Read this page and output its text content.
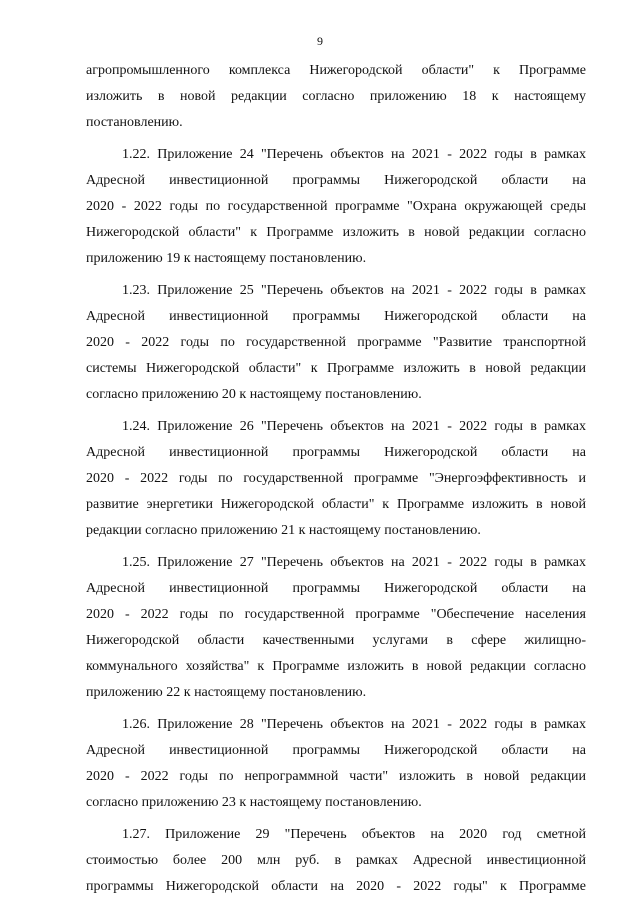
9

агропромышленного комплекса Нижегородской области" к Программе
изложить в новой редакции согласно приложению 18 к настоящему
постановлению.

1.22. Приложение 24 "Перечень объектов на 2021 - 2022 годы в рамках
Адресной инвестиционной программы Нижегородской области на
2020 - 2022 годы по государственной программе "Охрана окружающей среды
Нижегородской области" к Программе изложить в новой редакции согласно
приложению 19 к настоящему постановлению.

1.23. Приложение 25 "Перечень объектов на 2021 - 2022 годы в рамках
Адресной инвестиционной программы Нижегородской области на
2020 - 2022 годы по государственной программе "Развитие транспортной
системы Нижегородской области" к Программе изложить в новой редакции
согласно приложению 20 к настоящему постановлению.

1.24. Приложение 26 "Перечень объектов на 2021 - 2022 годы в рамках
Адресной инвестиционной программы Нижегородской области на
2020 - 2022 годы по государственной программе "Энергоэффективность и
развитие энергетики Нижегородской области" к Программе изложить в новой
редакции согласно приложению 21 к настоящему постановлению.

1.25. Приложение 27 "Перечень объектов на 2021 - 2022 годы в рамках
Адресной инвестиционной программы Нижегородской области на
2020 - 2022 годы по государственной программе "Обеспечение населения
Нижегородской области качественными услугами в сфере жилищно-
коммунального хозяйства" к Программе изложить в новой редакции согласно
приложению 22 к настоящему постановлению.

1.26. Приложение 28 "Перечень объектов на 2021 - 2022 годы в рамках
Адресной инвестиционной программы Нижегородской области на
2020 - 2022 годы по непрограммной части" изложить в новой редакции
согласно приложению 23 к настоящему постановлению.

1.27. Приложение 29 "Перечень объектов на 2020 год сметной
стоимостью более 200 млн руб. в рамках Адресной инвестиционной
программы Нижегородской области на 2020 - 2022 годы" к Программе
